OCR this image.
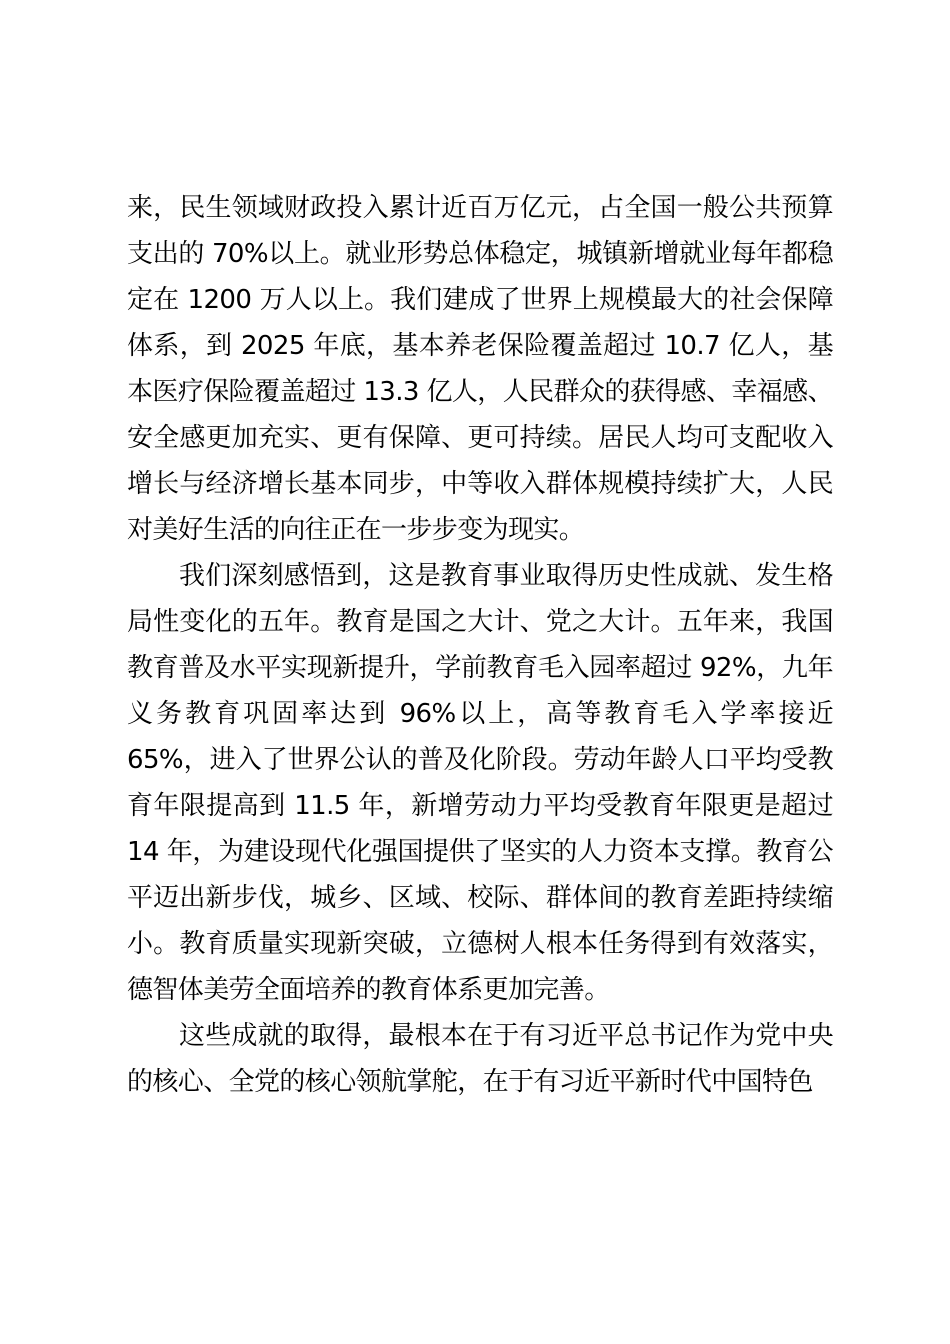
来，民生领域财政投入累计近百万亿元，占全国一般公共预算支出的 70%以上。就业形势总体稳定，城镇新增就业每年都稳定在 1200 万人以上。我们建成了世界上规模最大的社会保障体系，到 2025 年底，基本养老保险覆盖超过 10.7 亿人，基本医疗保险覆盖超过 13.3 亿人，人民群众的获得感、幸福感、安全感更加充实、更有保障、更可持续。居民人均可支配收入增长与经济增长基本同步，中等收入群体规模持续扩大，人民对美好生活的向往正在一步步变为现实。

我们深刻感悟到，这是教育事业取得历史性成就、发生格局性变化的五年。教育是国之大计、党之大计。五年来，我国教育普及水平实现新提升，学前教育毛入园率超过 92%，九年义务教育巩固率达到 96%以上，高等教育毛入学率接近 65%，进入了世界公认的普及化阶段。劳动年龄人口平均受教育年限提高到 11.5 年，新增劳动力平均受教育年限更是超过 14 年，为建设现代化强国提供了坚实的人力资本支撑。教育公平迈出新步伐，城乡、区域、校际、群体间的教育差距持续缩小。教育质量实现新突破，立德树人根本任务得到有效落实，德智体美劳全面培养的教育体系更加完善。

这些成就的取得，最根本在于有习近平总书记作为党中央的核心、全党的核心领航掌舵，在于有习近平新时代中国特色
